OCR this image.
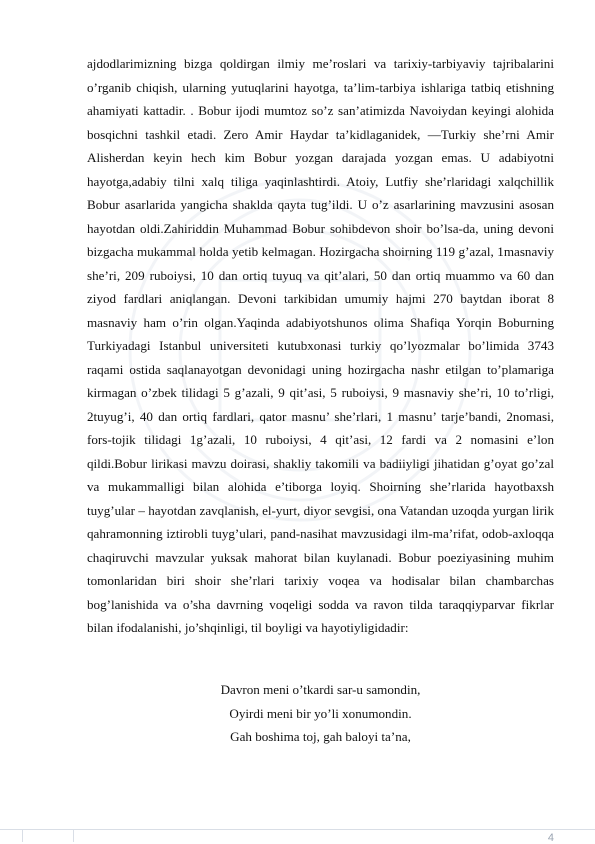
ajdodlarimizning bizga qoldirgan ilmiy me’roslari va tarixiy-tarbiyaviy tajribalarini o’rganib chiqish, ularning yutuqlarini hayotga, ta’lim-tarbiya ishlariga tatbiq etishning ahamiyati kattadir. . Bobur ijodi mumtoz so’z san’atimizda Navoiydan keyingi alohida bosqichni tashkil etadi. Zero Amir Haydar ta’kidlaganidek, —Turkiy she’rni Amir Alisherdan keyin hech kim Bobur yozgan darajada yozgan emas. U adabiyotni hayotga,adabiy tilni xalq tiliga yaqinlashtirdi. Atoiy, Lutfiy she’rlaridagi xalqchillik Bobur asarlarida yangicha shaklda qayta tug’ildi. U o’z asarlarining mavzusini asosan hayotdan oldi.Zahiriddin Muhammad Bobur sohibdevon shoir bo’lsa-da, uning devoni bizgacha mukammal holda yetib kelmagan. Hozirgacha shoirning 119 g’azal, 1masnaviy she’ri, 209 ruboiysi, 10 dan ortiq tuyuq va qit’alari, 50 dan ortiq muammo va 60 dan ziyod fardlari aniqlangan. Devoni tarkibidan umumiy hajmi 270 baytdan iborat 8 masnaviy ham o’rin olgan.Yaqinda adabiyotshunos olima Shafiqa Yorqin Boburning Turkiyadagi Istanbul universiteti kutubxonasi turkiy qo’lyozmalar bo’limida 3743 raqami ostida saqlanayotgan devonidagi uning hozirgacha nashr etilgan to’plamariga kirmagan o’zbek tilidagi 5 g’azali, 9 qit’asi, 5 ruboiysi, 9 masnaviy she’ri, 10 to’rligi, 2tuyug’i, 40 dan ortiq fardlari, qator masnu’ she’rlari, 1 masnu’ tarje’bandi, 2nomasi, fors-tojik tilidagi 1g’azali, 10 ruboiysi, 4 qit’asi, 12 fardi va 2 nomasini e’lon qildi.Bobur lirikasi mavzu doirasi, shakliy takomili va badiiyligi jihatidan g’oyat go’zal va mukammalligi bilan alohida e’tiborga loyiq. Shoirning she’rlarida hayotbaxsh tuyg’ular – hayotdan zavqlanish, el-yurt, diyor sevgisi, ona Vatandan uzoqda yurgan lirik qahramonning iztirobli tuyg’ulari, pand-nasihat mavzusidagi ilm-ma’rifat, odob-axloqqa chaqiruvchi mavzular yuksak mahorat bilan kuylanadi. Bobur poeziyasining muhim tomonlaridan biri shoir she’rlari tarixiy voqea va hodisalar bilan chambarchas bog’lanishida va o’sha davrning voqeligi sodda va ravon tilda taraqqiyparvar fikrlar bilan ifodalanishi, jo’shqinligi, til boyligi va hayotiyligidadir:

Davron meni o’tkardi sar-u samondin,
Oyirdi meni bir yo’li xonumondin.
Gah boshima toj, gah baloyi ta’na,
4
